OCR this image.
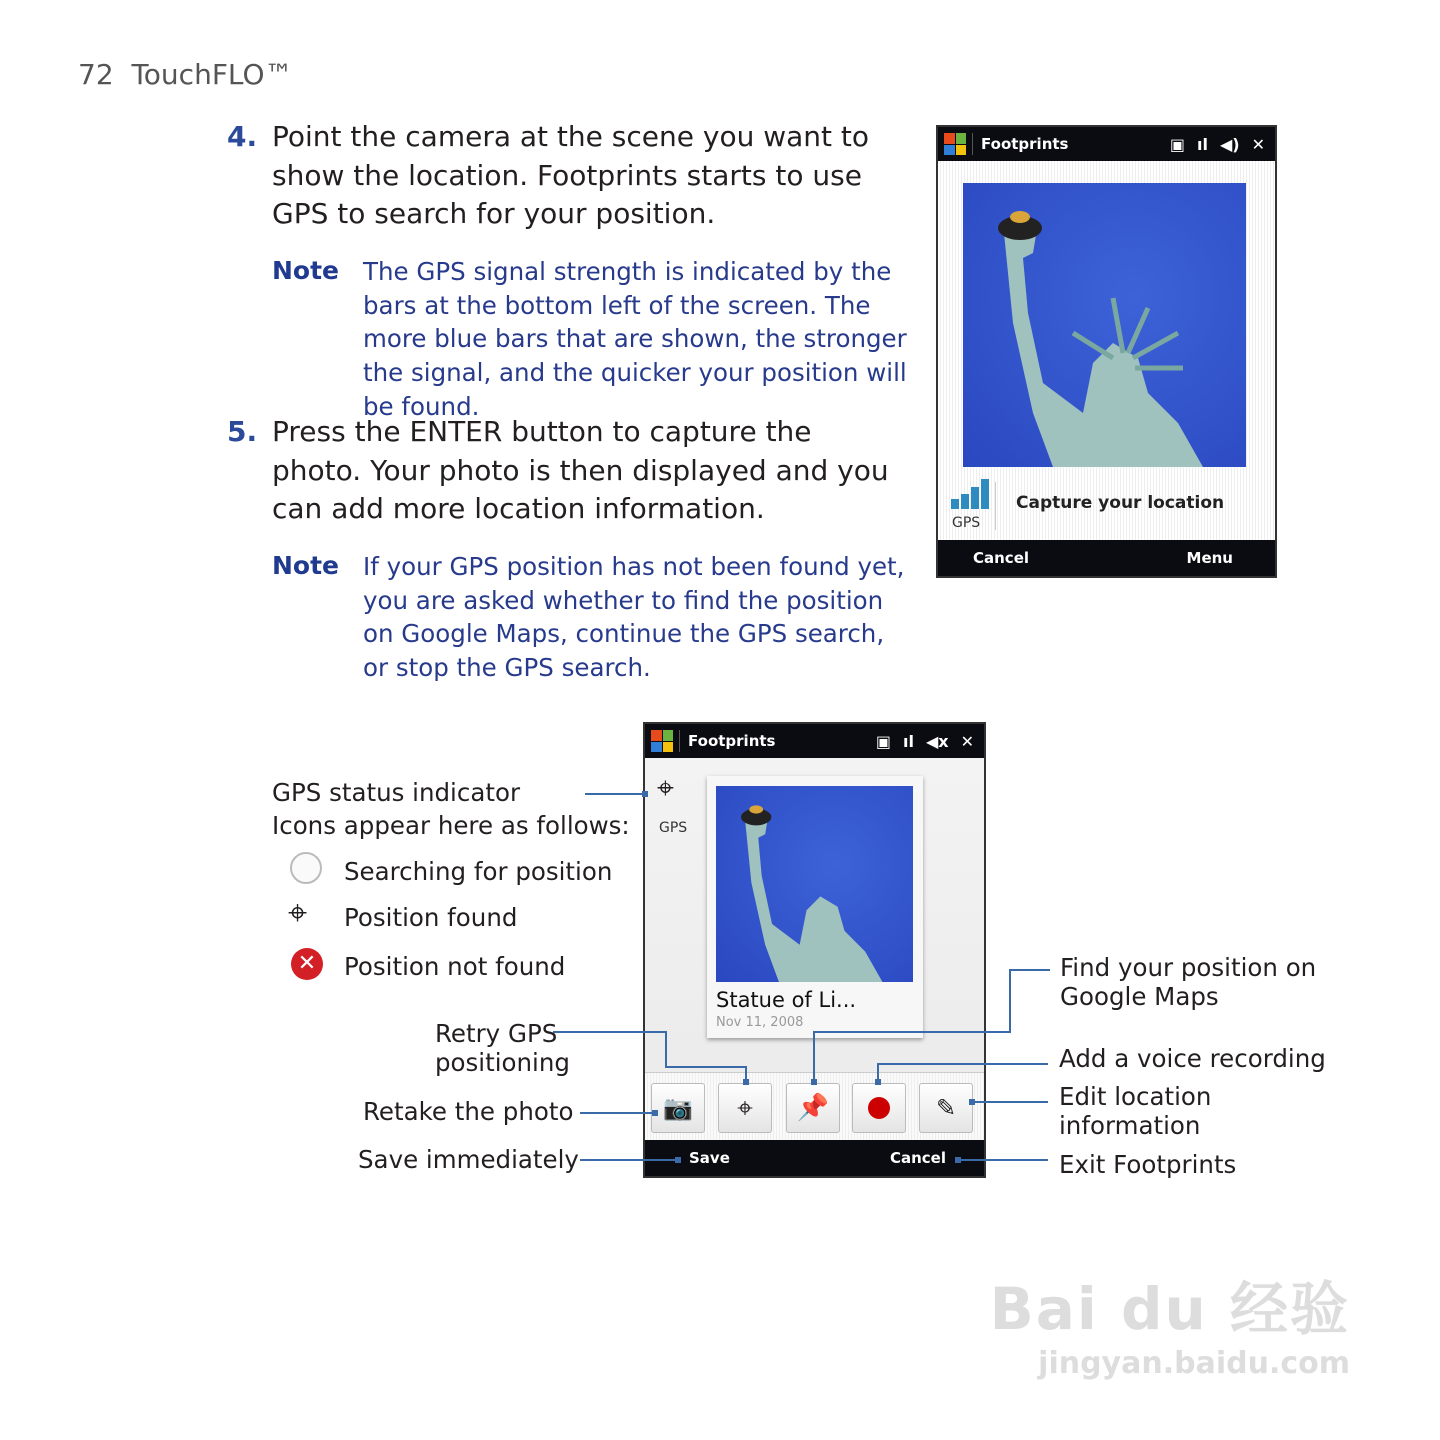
72 TouchFLO™
4. Point the camera at the scene you want to show the location. Footprints starts to use GPS to search for your position.
Note The GPS signal strength is indicated by the bars at the bottom left of the screen. The more blue bars that are shown, the stronger the signal, and the quicker your position will be found.
5. Press the ENTER button to capture the photo. Your photo is then displayed and you can add more location information.
Note If your GPS position has not been found yet, you are asked whether to find the position on Google Maps, continue the GPS search, or stop the GPS search.
Footprints	▣ ıl ◀) ✕
GPS
Capture your location
Cancel	Menu
Footprints	▣ ıl ◀x ✕
⌖
GPS
Statue of Li...
Nov 11, 2008
Save	Cancel
📷 ⌖ 📌	✎
GPS status indicator
Icons appear here as follows:
Searching for position
⌖ Position found
✕ Position not found
Retry GPS positioning
Retake the photo
Save immediately
Find your position on Google Maps
Add a voice recording
Edit location information
Exit Footprints
Bai du 经验
jingyan.baidu.com
